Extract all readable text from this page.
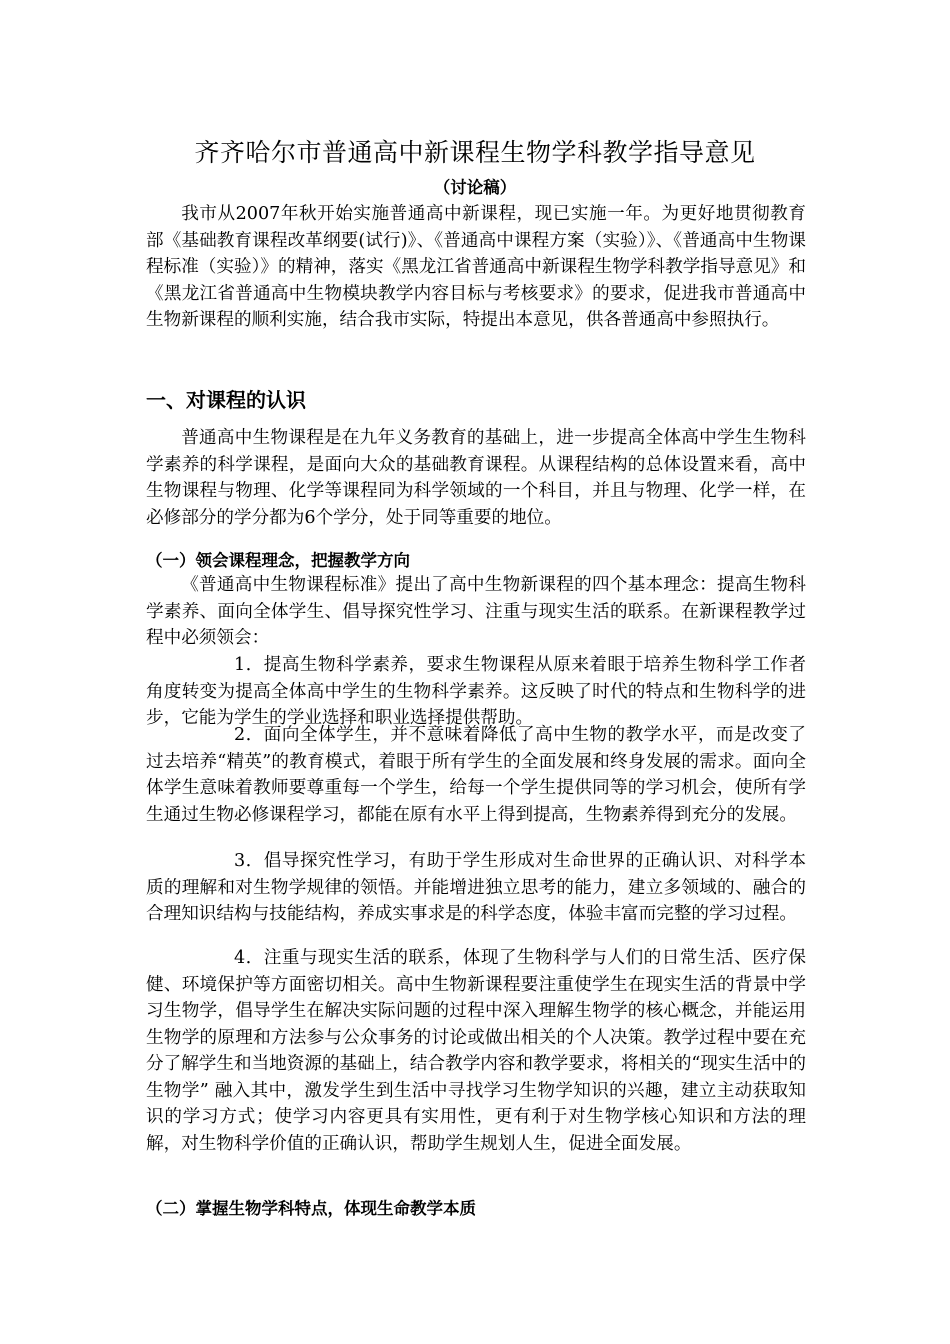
齐齐哈尔市普通高中新课程生物学科教学指导意见
（讨论稿）

我市从2007年秋开始实施普通高中新课程，现已实施一年。为更好地贯彻教育部《基础教育课程改革纲要(试行)》、《普通高中课程方案（实验）》、《普通高中生物课程标准（实验）》的精神，落实《黑龙江省普通高中新课程生物学科教学指导意见》和《黑龙江省普通高中生物模块教学内容目标与考核要求》的要求，促进我市普通高中生物新课程的顺利实施，结合我市实际，特提出本意见，供各普通高中参照执行。

一、对课程的认识

普通高中生物课程是在九年义务教育的基础上，进一步提高全体高中学生生物科学素养的科学课程，是面向大众的基础教育课程。从课程结构的总体设置来看，高中生物课程与物理、化学等课程同为科学领域的一个科目，并且与物理、化学一样，在必修部分的学分都为6个学分，处于同等重要的地位。

（一）领会课程理念，把握教学方向

《普通高中生物课程标准》提出了高中生物新课程的四个基本理念：提高生物科学素养、面向全体学生、倡导探究性学习、注重与现实生活的联系。在新课程教学过程中必须领会：

1．提高生物科学素养，要求生物课程从原来着眼于培养生物科学工作者角度转变为提高全体高中学生的生物科学素养。这反映了时代的特点和生物科学的进步，它能为学生的学业选择和职业选择提供帮助。

2．面向全体学生，并不意味着降低了高中生物的教学水平，而是改变了过去培养“精英”的教育模式，着眼于所有学生的全面发展和终身发展的需求。面向全体学生意味着教师要尊重每一个学生，给每一个学生提供同等的学习机会，使所有学生通过生物必修课程学习，都能在原有水平上得到提高，生物素养得到充分的发展。

3．倡导探究性学习，有助于学生形成对生命世界的正确认识、对科学本质的理解和对生物学规律的领悟。并能增进独立思考的能力，建立多领域的、融合的合理知识结构与技能结构，养成实事求是的科学态度，体验丰富而完整的学习过程。

4．注重与现实生活的联系，体现了生物科学与人们的日常生活、医疗保健、环境保护等方面密切相关。高中生物新课程要注重使学生在现实生活的背景中学习生物学，倡导学生在解决实际问题的过程中深入理解生物学的核心概念，并能运用生物学的原理和方法参与公众事务的讨论或做出相关的个人决策。教学过程中要在充分了解学生和当地资源的基础上，结合教学内容和教学要求，将相关的“现实生活中的生物学” 融入其中，激发学生到生活中寻找学习生物学知识的兴趣，建立主动获取知识的学习方式；使学习内容更具有实用性，更有利于对生物学核心知识和方法的理解，对生物科学价值的正确认识，帮助学生规划人生，促进全面发展。

（二）掌握生物学科特点，体现生命教学本质
